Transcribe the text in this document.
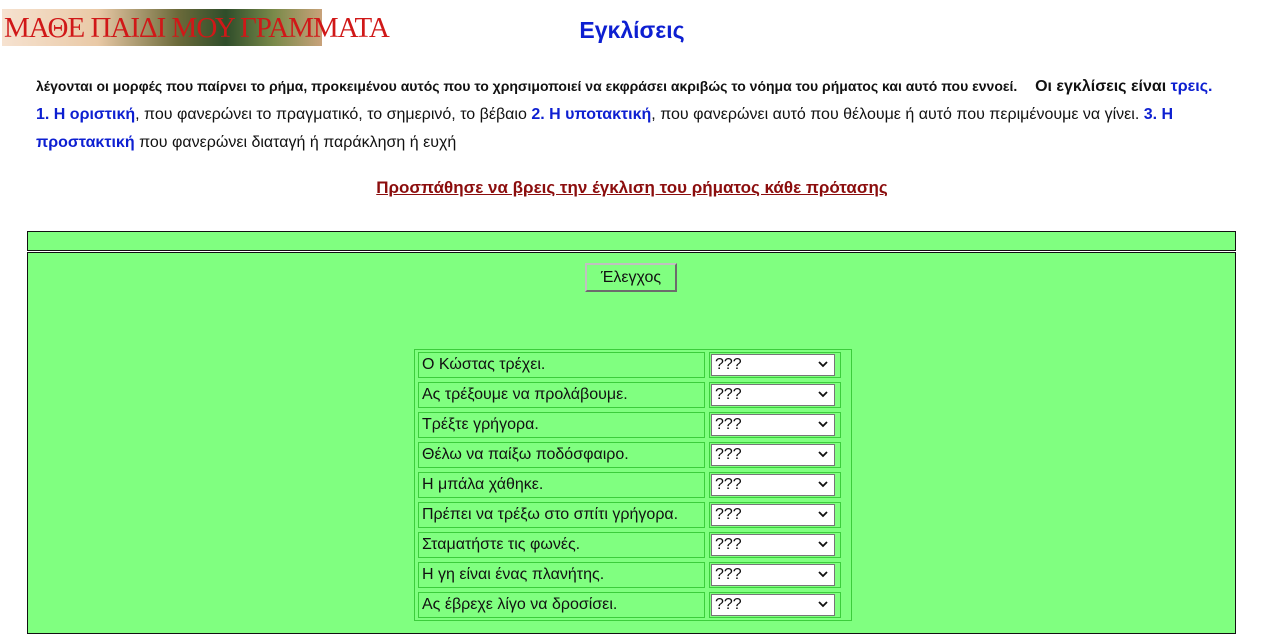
ΜΑΘΕ ΠΑΙΔΙ ΜΟΥ ΓΡΑΜΜΑΤΑ	Εγκλίσεις
λέγονται οι μορφές που παίρνει το ρήμα, προκειμένου αυτός που το χρησιμοποιεί να εκφράσει ακριβώς το νόημα του ρήματος και αυτό που εννοεί. Οι εγκλίσεις είναι τρεις.    1. Η οριστική, που φανερώνει το πραγματικό, το σημερινό, το βέβαιο 2. Η υποτακτική, που φανερώνει αυτό που θέλουμε ή αυτό που περιμένουμε να γίνει. 3. Η προστακτική που φανερώνει διαταγή ή παράκληση ή ευχή
Προσπάθησε να βρεις την έγκλιση του ρήματος κάθε πρότασης
Έλεγχος
Ο Κώστας τρέχει.	???
Ας τρέξουμε να προλάβουμε.	???
Τρέξτε γρήγορα.	???
Θέλω να παίξω ποδόσφαιρο.	???
Η μπάλα χάθηκε.	???
Πρέπει να τρέξω στο σπίτι γρήγορα.	???
Σταματήστε τις φωνές.	???
Η γη είναι ένας πλανήτης.	???
Ας έβρεχε λίγο να δροσίσει.	???
